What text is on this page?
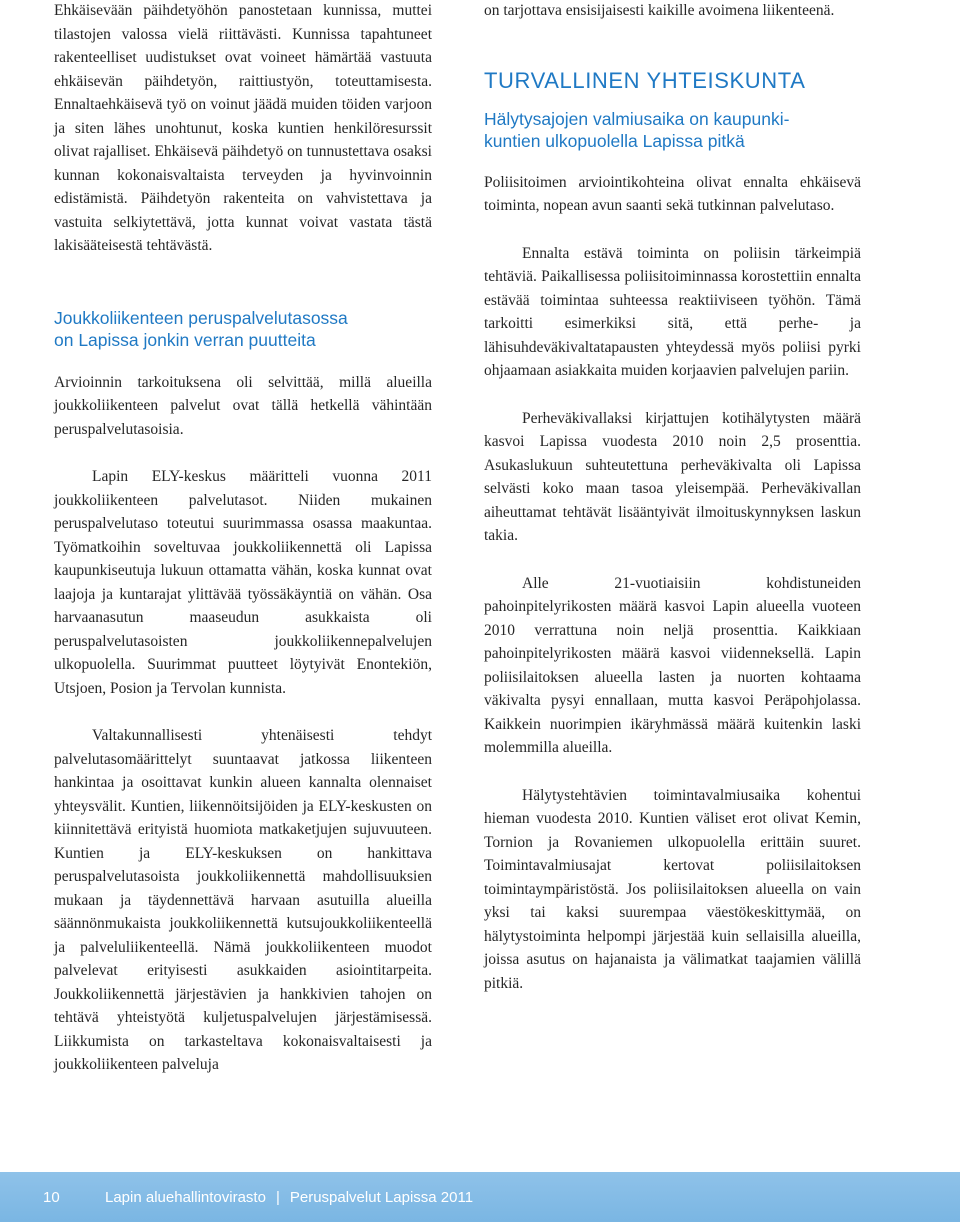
Ehkäisevään päihdetyöhön panostetaan kunnissa, muttei tilastojen valossa vielä riittävästi. Kunnissa tapahtuneet rakenteelliset uudistukset ovat voineet hämärtää vastuuta ehkäisevän päihdetyön, raittiustyön, toteuttamisesta. Ennaltaehkäisevä työ on voinut jäädä muiden töiden varjoon ja siten lähes unohtunut, koska kuntien henkilöresurssit olivat rajalliset. Ehkäisevä päihdetyö on tunnustettava osaksi kunnan kokonaisvaltaista terveyden ja hyvinvoinnin edistämistä. Päihdetyön rakenteita on vahvistettava ja vastuita selkiytettävä, jotta kunnat voivat vastata tästä lakisääteisestä tehtävästä.

Joukkoliikenteen peruspalvelutasossa
on Lapissa jonkin verran puutteita

Arvioinnin tarkoituksena oli selvittää, millä alueilla joukkoliikenteen palvelut ovat tällä hetkellä vähintään peruspalvelutasoisia.

Lapin ELY-keskus määritteli vuonna 2011 joukkoliikenteen palvelutasot. Niiden mukainen peruspalvelutaso toteutui suurimmassa osassa maakuntaa. Työmatkoihin soveltuvaa joukkoliikennettä oli Lapissa kaupunkiseutuja lukuun ottamatta vähän, koska kunnat ovat laajoja ja kuntarajat ylittävää työssäkäyntiä on vähän. Osa harvaanasutun maaseudun asukkaista oli peruspalvelutasoisten joukkoliikennepalvelujen ulkopuolella. Suurimmat puutteet löytyivät Enontekiön, Utsjoen, Posion ja Tervolan kunnista.

Valtakunnallisesti yhtenäisesti tehdyt palvelutasomäärittelyt suuntaavat jatkossa liikenteen hankintaa ja osoittavat kunkin alueen kannalta olennaiset yhteysvälit. Kuntien, liikennöitsijöiden ja ELY-keskusten on kiinnitettävä erityistä huomiota matkaketjujen sujuvuuteen. Kuntien ja ELY-keskuksen on hankittava peruspalvelutasoista joukkoliikennettä mahdollisuuksien mukaan ja täydennettävä harvaan asutuilla alueilla säännönmukaista joukkoliikennettä kutsujoukkoliikenteellä ja palveluliikenteellä. Nämä joukkoliikenteen muodot palvelevat erityisesti asukkaiden asiointitarpeita. Joukkoliikennettä järjestävien ja hankkivien tahojen on tehtävä yhteistyötä kuljetuspalvelujen järjestämisessä. Liikkumista on tarkasteltava kokonaisvaltaisesti ja joukkoliikenteen palveluja

on tarjottava ensisijaisesti kaikille avoimena liikenteenä.

TURVALLINEN YHTEISKUNTA
Hälytysajojen valmiusaika on kaupunki-
kuntien ulkopuolella Lapissa pitkä

Poliisitoimen arviointikohteina olivat ennalta ehkäisevä toiminta, nopean avun saanti sekä tutkinnan palvelutaso.

Ennalta estävä toiminta on poliisin tärkeimpiä tehtäviä. Paikallisessa poliisitoiminnassa korostettiin ennalta estävää toimintaa suhteessa reaktiiviseen työhön. Tämä tarkoitti esimerkiksi sitä, että perhe- ja lähisuhdeväkivaltatapausten yhteydessä myös poliisi pyrki ohjaamaan asiakkaita muiden korjaavien palvelujen pariin.

Perheväkivallaksi kirjattujen kotihälytysten määrä kasvoi Lapissa vuodesta 2010 noin 2,5 prosenttia. Asukaslukuun suhteutettuna perheväkivalta oli Lapissa selvästi koko maan tasoa yleisempää. Perheväkivallan aiheuttamat tehtävät lisääntyivät ilmoituskynnyksen laskun takia.

Alle 21-vuotiaisiin kohdistuneiden pahoinpitelyrikosten määrä kasvoi Lapin alueella vuoteen 2010 verrattuna noin neljä prosenttia. Kaikkiaan pahoinpitelyrikosten määrä kasvoi viidenneksellä. Lapin poliisilaitoksen alueella lasten ja nuorten kohtaama väkivalta pysyi ennallaan, mutta kasvoi Peräpohjolassa. Kaikkein nuorimpien ikäryhmässä määrä kuitenkin laski molemmilla alueilla.

Hälytystehtävien toimintavalmiusaika kohentui hieman vuodesta 2010. Kuntien väliset erot olivat Kemin, Tornion ja Rovaniemen ulkopuolella erittäin suuret. Toimintavalmiusajat kertovat poliisilaitoksen toimintaympäristöstä. Jos poliisilaitoksen alueella on vain yksi tai kaksi suurempaa väestökeskittymää, on hälytystoiminta helpompi järjestää kuin sellaisilla alueilla, joissa asutus on hajanaista ja välimatkat taajamien välillä pitkiä.

10	Lapin aluehallintovirasto | Peruspalvelut Lapissa 2011
